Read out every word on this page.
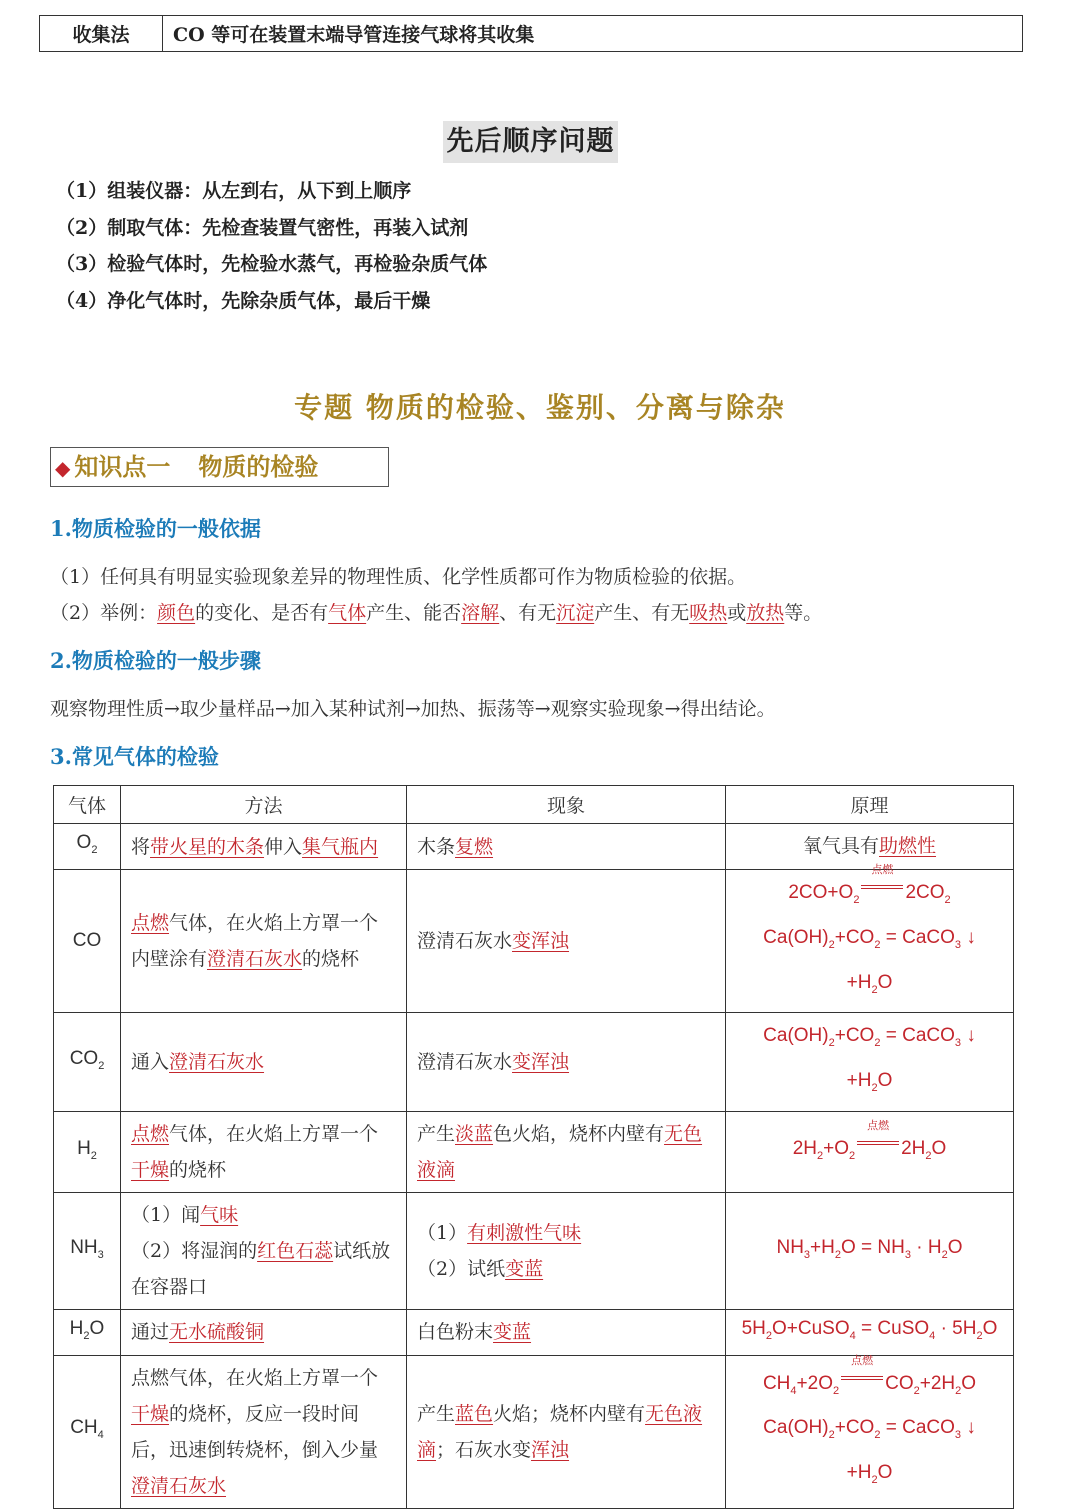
收集法	CO 等可在装置末端导管连接气球将其收集
先后顺序问题
（1）组装仪器：从左到右，从下到上顺序
（2）制取气体：先检查装置气密性，再装入试剂
（3）检验气体时，先检验水蒸气，再检验杂质气体
（4）净化气体时，先除杂质气体，最后干燥
专题 物质的检验、鉴别、分离与除杂
◆ 知识点一 物质的检验
1.物质检验的一般依据
（1）任何具有明显实验现象差异的物理性质、化学性质都可作为物质检验的依据。
（2）举例：颜色的变化、是否有气体产生、能否溶解、有无沉淀产生、有无吸热或放热等。
2.物质检验的一般步骤
观察物理性质→取少量样品→加入某种试剂→加热、振荡等→观察实验现象→得出结论。
3.常见气体的检验
气体	方法	现象	原理
$O_2$	将带火星的木条伸入集气瓶内	木条复燃	氧气具有助燃性
CO	点燃气体，在火焰上方罩一个内壁涂有澄清石灰水的烧杯	澄清石灰水变浑浊	$2CO+O_2$
点燃
$2CO_2$
$Ca(OH)_2+CO_2$ = CaCO$_3$ ↓
$+H_2O$

$CO_2$	通入澄清石灰水	澄清石灰水变浑浊	$Ca(OH)_2+CO_2$ = CaCO$_3$ ↓
$+H_2O$

$H_2$	点燃气体，在火焰上方罩一个干燥的烧杯	产生淡蓝色火焰，烧杯内壁有无色液滴	$2H_2+O_2$
点燃
$2H_2O$

$NH_3$	（1）闻气味
（2）将湿润的红色石蕊试纸放在容器口	（1）有刺激性气味
（2）试纸变蓝	$NH_3+H_2O = NH_3 \cdot H_2O$

$H_2O$	通过无水硫酸铜	白色粉末变蓝	$5H_2O+CuSO_4$ = CuSO$_4$ · $5H_2O$

$CH_4$	点燃气体，在火焰上方罩一个干燥的烧杯，反应一段时间后，迅速倒转烧杯，倒入少量澄清石灰水	产生蓝色火焰；烧杯内壁有无色液滴；石灰水变浑浊	$CH_4+2O_2$
点燃
$CO_2+2H_2O$
$Ca(OH)_2+CO_2$ = CaCO$_3$ ↓
$+H_2O$
